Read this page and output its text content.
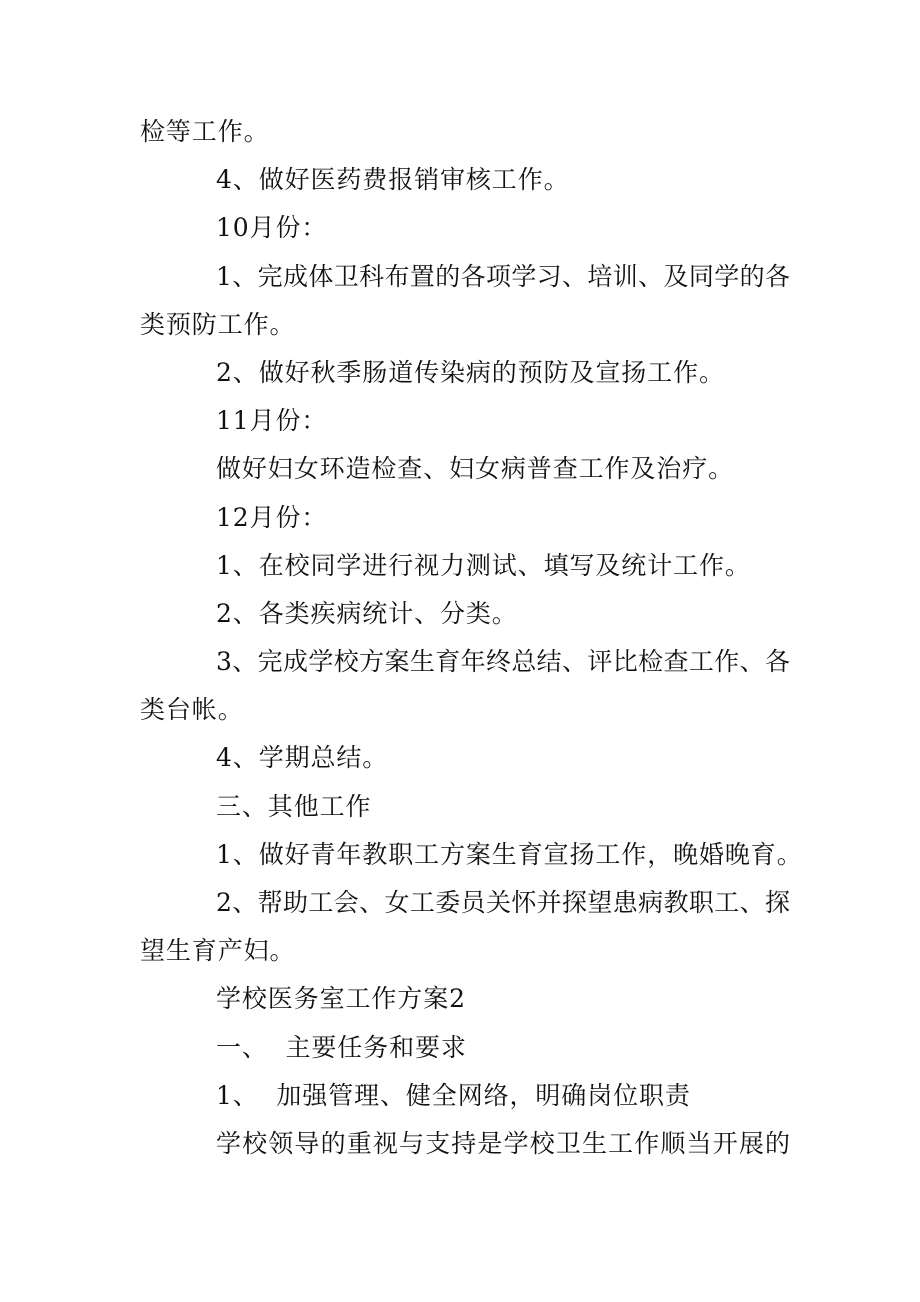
检等工作。

4、做好医药费报销审核工作。

10月份：

1、完成体卫科布置的各项学习、培训、及同学的各

类预防工作。

2、做好秋季肠道传染病的预防及宣扬工作。

11月份：

做好妇女环造检查、妇女病普查工作及治疗。

12月份：

1、在校同学进行视力测试、填写及统计工作。

2、各类疾病统计、分类。

3、完成学校方案生育年终总结、评比检查工作、各

类台帐。

4、学期总结。

三、其他工作

1、做好青年教职工方案生育宣扬工作，晚婚晚育。

2、帮助工会、女工委员关怀并探望患病教职工、探

望生育产妇。

学校医务室工作方案2

一、  主要任务和要求

1、  加强管理、健全网络，明确岗位职责

学校领导的重视与支持是学校卫生工作顺当开展的
